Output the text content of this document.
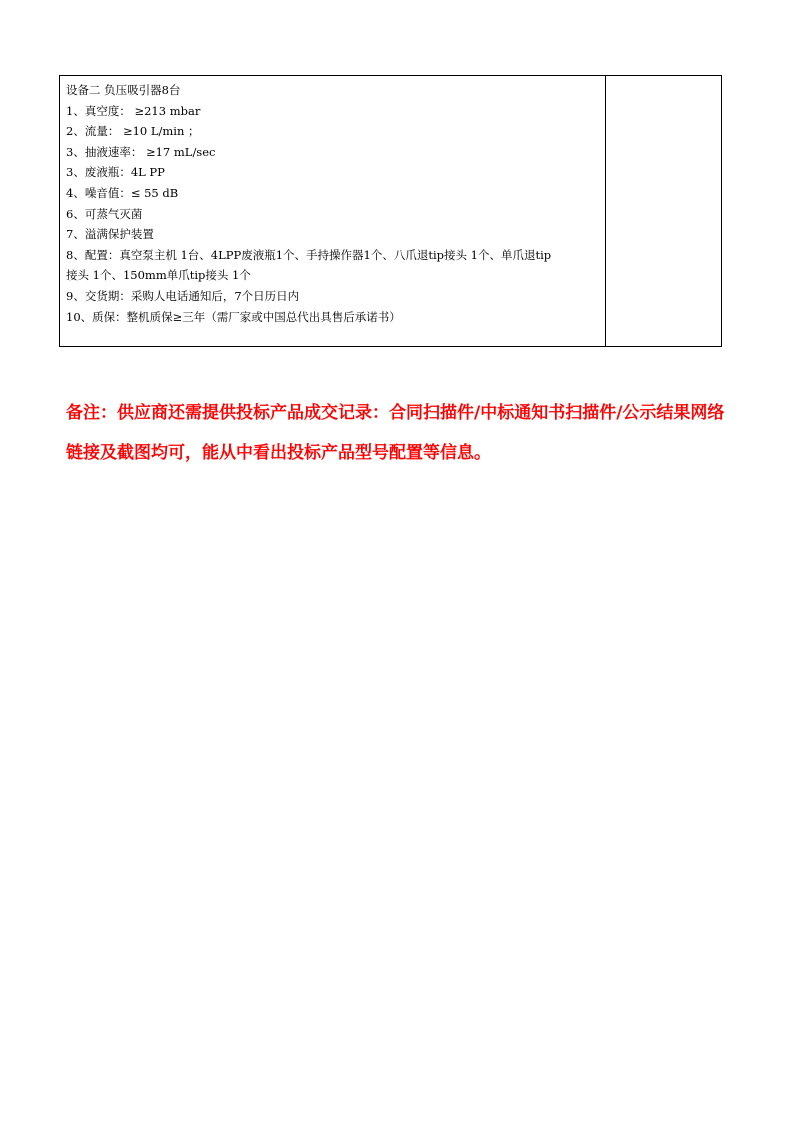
设备二 负压吸引器8台
1、真空度： ≥213 mbar
2、流量： ≥10 L/min ；
3、抽液速率： ≥17 mL/sec
3、废液瓶：4L PP
4、噪音值：≤ 55 dB
6、可蒸气灭菌
7、溢满保护装置
8、配置：真空泵主机 1台、4LPP废液瓶1个、手持操作器1个、八爪退tip接头 1个、单爪退tip
接头 1个、150mm单爪tip接头 1个
9、交货期：采购人电话通知后，7个日历日内
10、质保：整机质保≥三年（需厂家或中国总代出具售后承诺书）

备注：供应商还需提供投标产品成交记录：合同扫描件/中标通知书扫描件/公示结果网络链接及截图均可，能从中看出投标产品型号配置等信息。
